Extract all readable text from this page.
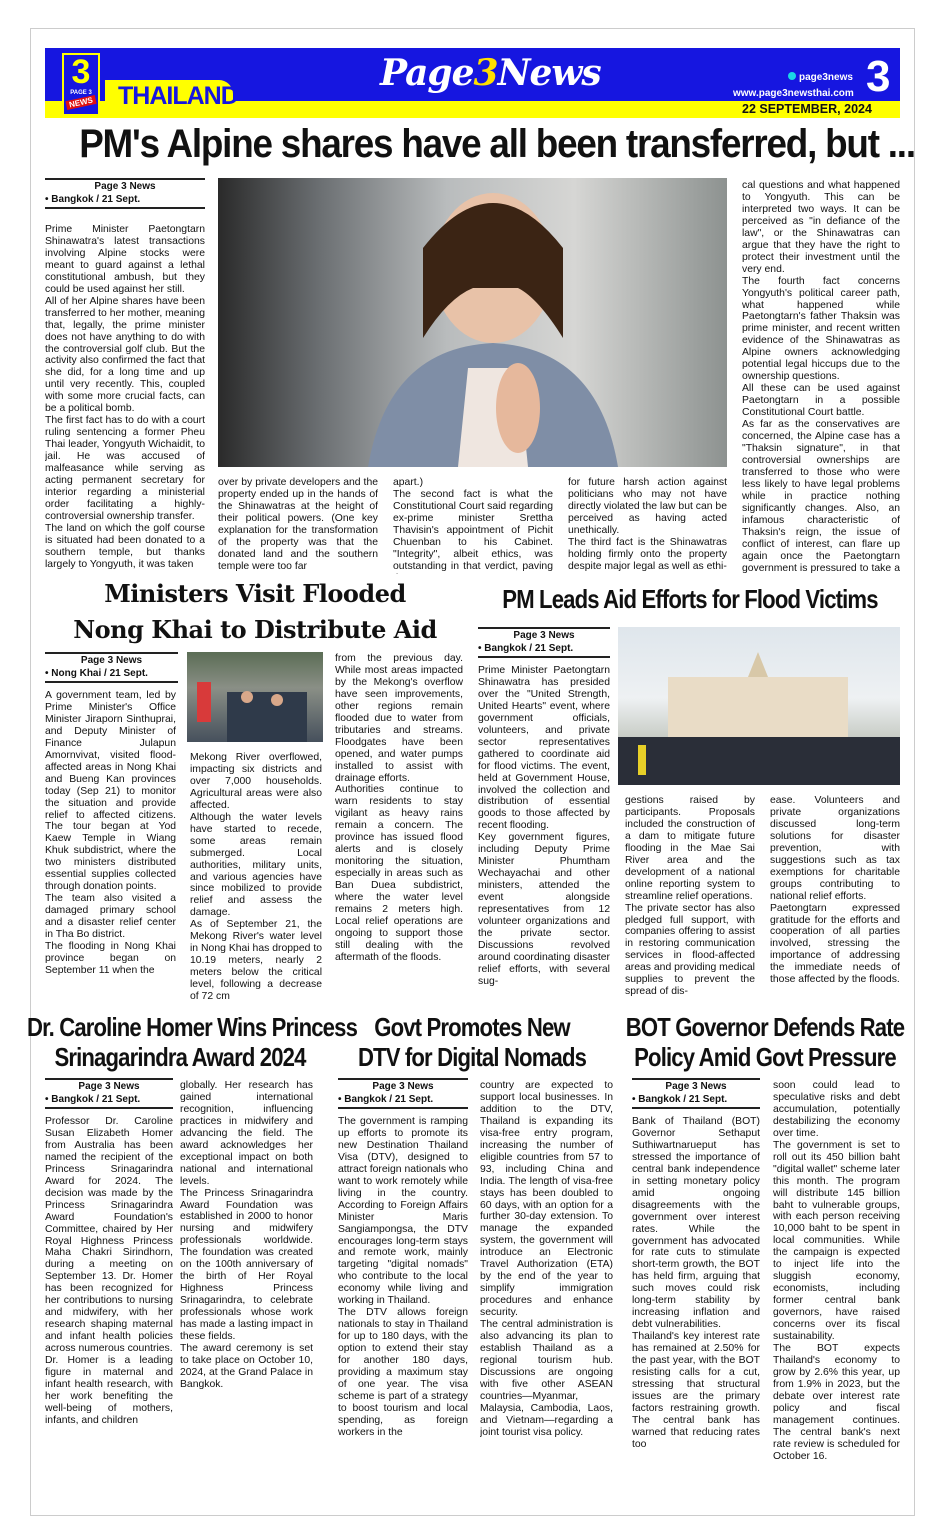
3
PAGE 3
NEWS THAILAND
Page3News	page3news
www.page3newsthai.com 3
22 SEPTEMBER, 2024
PM's Alpine shares have all been transferred, but ...
Page 3 News
• Bangkok / 21 Sept.

Prime Minister Paetongtarn Shinawatra's latest transactions involving Alpine stocks were meant to guard against a lethal constitutional ambush, but they could be used against her still.

All of her Alpine shares have been transferred to her mother, meaning that, legally, the prime minister does not have anything to do with the controversial golf club. But the activity also confirmed the fact that she did, for a long time and up until very recently. This, coupled with some more crucial facts, can be a political bomb.

The first fact has to do with a court ruling sentencing a former Pheu Thai leader, Yongyuth Wichaidit, to jail. He was accused of malfeasance while serving as acting permanent secretary for interior regarding a ministerial order facilitating a highly-controversial ownership transfer.

The land on which the golf course is situated had been donated to a southern temple, but thanks largely to Yongyuth, it was taken

over by private developers and the property ended up in the hands of the Shinawatras at the height of their political powers. (One key explanation for the transformation of the property was that the donated land and the southern temple were too far

apart.)

The second fact is what the Constitutional Court said regarding ex-prime minister Srettha Thavisin's appointment of Pichit Chuenban to his Cabinet. "Integrity", albeit ethics, was outstanding in that verdict, paving

for future harsh action against politicians who may not have directly violated the law but can be perceived as having acted unethically.

The third fact is the Shinawatras holding firmly onto the property despite major legal as well as ethi-

cal questions and what happened to Yongyuth. This can be interpreted two ways. It can be perceived as "in defiance of the law", or the Shinawatras can argue that they have the right to protect their investment until the very end.

The fourth fact concerns Yongyuth's political career path, what happened while Paetongtarn's father Thaksin was prime minister, and recent written evidence of the Shinawatras as Alpine owners acknowledging potential legal hiccups due to the ownership questions.

All these can be used against Paetongtarn in a possible Constitutional Court battle.

As far as the conservatives are concerned, the Alpine case has a "Thaksin signature", in that controversial ownerships are transferred to those who were less likely to have legal problems while in practice nothing significantly changes. Also, an infamous characteristic of Thaksin's reign, the issue of conflict of interest, can flare up again once the Paetongtarn government is pressured to take a

Ministers Visit Flooded
Nong Khai to Distribute Aid
Page 3 News
• Nong Khai / 21 Sept.

A government team, led by Prime Minister's Office Minister Jiraporn Sinthuprai, and Deputy Minister of Finance Julapun Amornvivat, visited flood-affected areas in Nong Khai and Bueng Kan provinces today (Sep 21) to monitor the situation and provide relief to affected citizens. The tour began at Yod Kaew Temple in Wiang Khuk subdistrict, where the two ministers distributed essential supplies collected through donation points.

The team also visited a damaged primary school and a disaster relief center in Tha Bo district.

The flooding in Nong Khai province began on September 11 when the

Mekong River overflowed, impacting six districts and over 7,000 households. Agricultural areas were also affected.

Although the water levels have started to recede, some areas remain submerged. Local authorities, military units, and various agencies have since mobilized to provide relief and assess the damage.

As of September 21, the Mekong River's water level in Nong Khai has dropped to 10.19 meters, nearly 2 meters below the critical level, following a decrease of 72 cm

from the previous day. While most areas impacted by the Mekong's overflow have seen improvements, other regions remain flooded due to water from tributaries and streams. Floodgates have been opened, and water pumps installed to assist with drainage efforts.

Authorities continue to warn residents to stay vigilant as heavy rains remain a concern. The province has issued flood alerts and is closely monitoring the situation, especially in areas such as Ban Duea subdistrict, where the water level remains 2 meters high. Local relief operations are ongoing to support those still dealing with the aftermath of the floods.

PM Leads Aid Efforts for Flood Victims
Page 3 News
• Bangkok / 21 Sept.

Prime Minister Paetongtarn Shinawatra has presided over the "United Strength, United Hearts" event, where government officials, volunteers, and private sector representatives gathered to coordinate aid for flood victims. The event, held at Government House, involved the collection and distribution of essential goods to those affected by recent flooding.

Key government figures, including Deputy Prime Minister Phumtham Wechayachai and other ministers, attended the event alongside representatives from 12 volunteer organizations and the private sector. Discussions revolved around coordinating disaster relief efforts, with several sug-

gestions raised by participants. Proposals included the construction of a dam to mitigate future flooding in the Mae Sai River area and the development of a national online reporting system to streamline relief operations.

The private sector has also pledged full support, with companies offering to assist in restoring communication services in flood-affected areas and providing medical supplies to prevent the spread of dis-

ease. Volunteers and private organizations discussed long-term solutions for disaster prevention, with suggestions such as tax exemptions for charitable groups contributing to national relief efforts.

Paetongtarn expressed gratitude for the efforts and cooperation of all parties involved, stressing the importance of addressing the immediate needs of those affected by the floods.

Dr. Caroline Homer Wins Princess
Srinagarindra Award 2024
Page 3 News
• Bangkok / 21 Sept.

Professor Dr. Caroline Susan Elizabeth Homer from Australia has been named the recipient of the Princess Srinagarindra Award for 2024. The decision was made by the Princess Srinagarindra Award Foundation's Committee, chaired by Her Royal Highness Princess Maha Chakri Sirindhorn, during a meeting on September 13. Dr. Homer has been recognized for her contributions to nursing and midwifery, with her research shaping maternal and infant health policies across numerous countries.

Dr. Homer is a leading figure in maternal and infant health research, with her work benefiting the well-being of mothers, infants, and children

globally. Her research has gained international recognition, influencing practices in midwifery and advancing the field. The award acknowledges her exceptional impact on both national and international levels.

The Princess Srinagarindra Award Foundation was established in 2000 to honor nursing and midwifery professionals worldwide. The foundation was created on the 100th anniversary of the birth of Her Royal Highness Princess Srinagarindra, to celebrate professionals whose work has made a lasting impact in these fields.

The award ceremony is set to take place on October 10, 2024, at the Grand Palace in Bangkok.

Govt Promotes New
DTV for Digital Nomads
Page 3 News
• Bangkok / 21 Sept.

The government is ramping up efforts to promote its new Destination Thailand Visa (DTV), designed to attract foreign nationals who want to work remotely while living in the country. According to Foreign Affairs Minister Maris Sangiampongsa, the DTV encourages long-term stays and remote work, mainly targeting "digital nomads" who contribute to the local economy while living and working in Thailand.

The DTV allows foreign nationals to stay in Thailand for up to 180 days, with the option to extend their stay for another 180 days, providing a maximum stay of one year. The visa scheme is part of a strategy to boost tourism and local spending, as foreign workers in the

country are expected to support local businesses. In addition to the DTV, Thailand is expanding its visa-free entry program, increasing the number of eligible countries from 57 to 93, including China and India. The length of visa-free stays has been doubled to 60 days, with an option for a further 30-day extension. To manage the expanded system, the government will introduce an Electronic Travel Authorization (ETA) by the end of the year to simplify immigration procedures and enhance security.

The central administration is also advancing its plan to establish Thailand as a regional tourism hub. Discussions are ongoing with five other ASEAN countries—Myanmar, Malaysia, Cambodia, Laos, and Vietnam—regarding a joint tourist visa policy.

BOT Governor Defends Rate
Policy Amid Govt Pressure
Page 3 News
• Bangkok / 21 Sept.

Bank of Thailand (BOT) Governor Sethaput Suthiwartnarueput has stressed the importance of central bank independence in setting monetary policy amid ongoing disagreements with the government over interest rates. While the government has advocated for rate cuts to stimulate short-term growth, the BOT has held firm, arguing that such moves could risk long-term stability by increasing inflation and debt vulnerabilities.

Thailand's key interest rate has remained at 2.50% for the past year, with the BOT resisting calls for a cut, stressing that structural issues are the primary factors restraining growth. The central bank has warned that reducing rates too

soon could lead to speculative risks and debt accumulation, potentially destabilizing the economy over time.

The government is set to roll out its 450 billion baht "digital wallet" scheme later this month. The program will distribute 145 billion baht to vulnerable groups, with each person receiving 10,000 baht to be spent in local communities. While the campaign is expected to inject life into the sluggish economy, economists, including former central bank governors, have raised concerns over its fiscal sustainability.

The BOT expects Thailand's economy to grow by 2.6% this year, up from 1.9% in 2023, but the debate over interest rate policy and fiscal management continues. The central bank's next rate review is scheduled for October 16.
